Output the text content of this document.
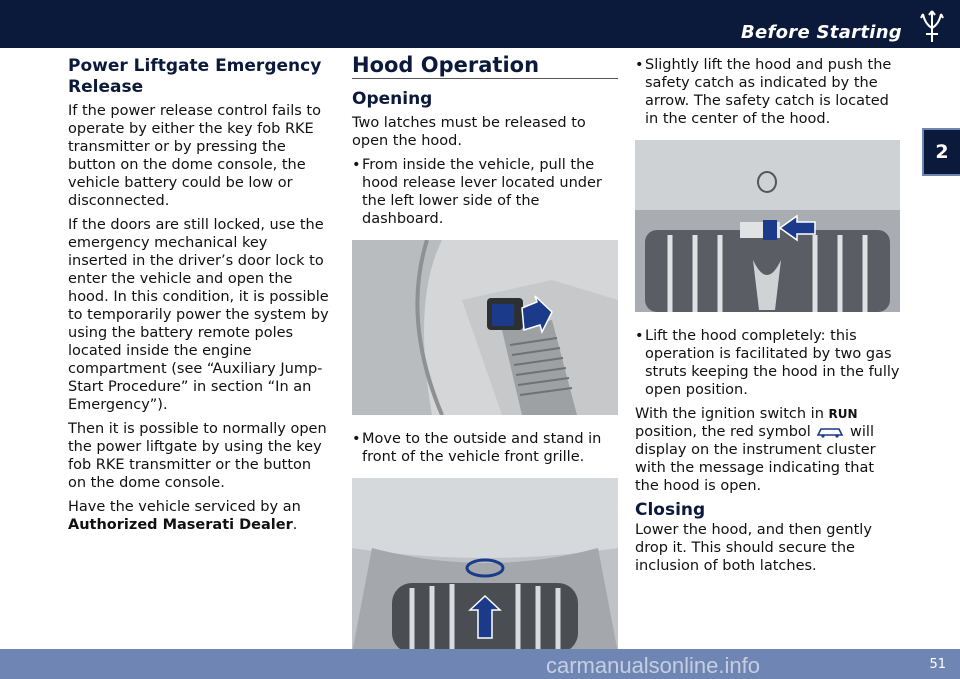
Before Starting
2
Power Liftgate Emergency Release

If the power release control fails to operate by either the key fob RKE transmitter or by pressing the button on the dome console, the vehicle battery could be low or disconnected.

If the doors are still locked, use the emergency mechanical key inserted in the driver’s door lock to enter the vehicle and open the hood. In this condition, it is possible to temporarily power the system by using the battery remote poles located inside the engine compartment (see “Auxiliary Jump-Start Procedure” in section “In an Emergency”).

Then it is possible to normally open the power liftgate by using the key fob RKE transmitter or the button on the dome console.

Have the vehicle serviced by an Authorized Maserati Dealer.

Hood Operation
Opening

Two latches must be released to open the hood.

•From inside the vehicle, pull the hood release lever located under the left lower side of the dashboard.

•Move to the outside and stand in front of the vehicle front grille.

•Slightly lift the hood and push the safety catch as indicated by the arrow. The safety catch is located in the center of the hood.

•Lift the hood completely: this operation is facilitated by two gas struts keeping the hood in the fully open position.

With the ignition switch in RUN position, the red symbol	will display on the instrument cluster with the message indicating that the hood is open.

Closing

Lower the hood, and then gently drop it. This should secure the inclusion of both latches.

carmanualsonline.info	51
